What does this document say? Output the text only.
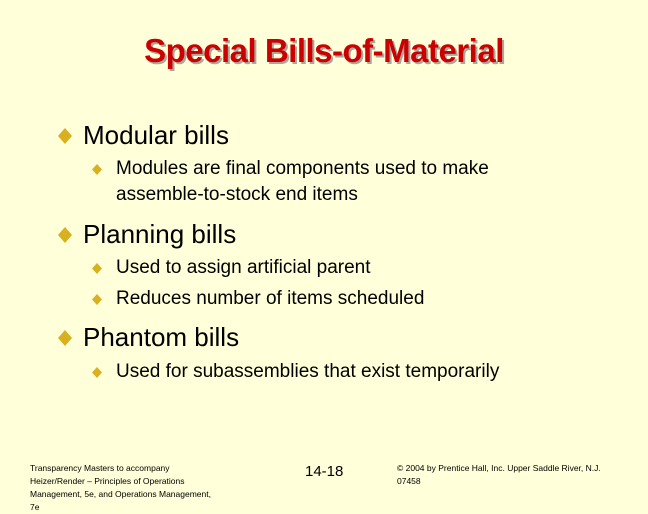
Special Bills-of-Material
Modular bills
Modules are final components used to make
assemble-to-stock end items
Planning bills
Used to assign artificial parent
Reduces number of items scheduled
Phantom bills
Used for subassemblies that exist temporarily
Transparency Masters to accompany
Heizer/Render – Principles of Operations
Management, 5e, and Operations Management,
7e
14-18	© 2004 by Prentice Hall, Inc. Upper Saddle River, N.J.
07458
